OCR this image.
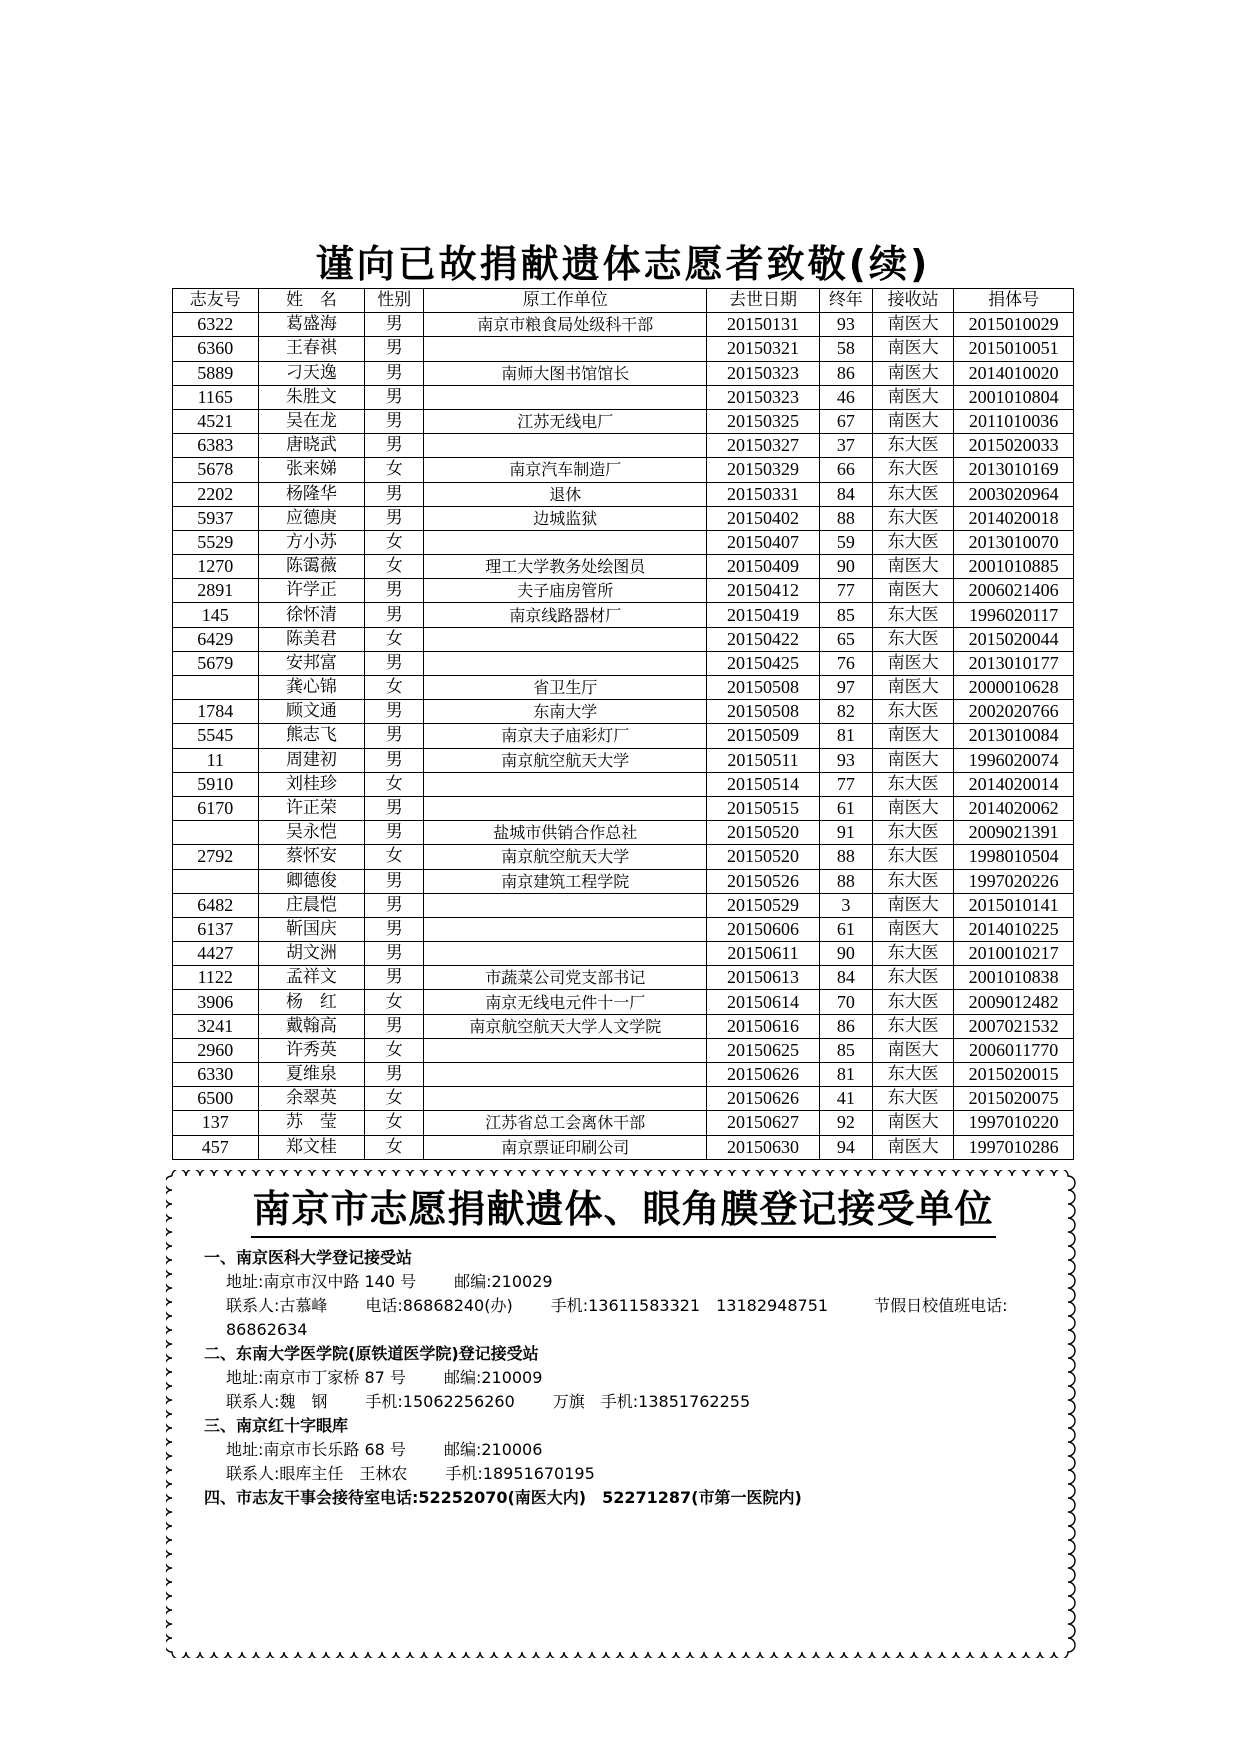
谨向已故捐献遗体志愿者致敬(续)
志友号	姓　名	性别	原工作单位	去世日期	终年	接收站	捐体号
6322	葛盛海	男	南京市粮食局处级科干部	20150131	93	南医大	2015010029
6360	王春祺	男		20150321	58	南医大	2015010051
5889	刁天逸	男	南师大图书馆馆长	20150323	86	南医大	2014010020
1165	朱胜文	男		20150323	46	南医大	2001010804
4521	吴在龙	男	江苏无线电厂	20150325	67	南医大	2011010036
6383	唐晓武	男		20150327	37	东大医	2015020033
5678	张来娣	女	南京汽车制造厂	20150329	66	东大医	2013010169
2202	杨隆华	男	退休	20150331	84	东大医	2003020964
5937	应德庚	男	边城监狱	20150402	88	东大医	2014020018
5529	方小苏	女		20150407	59	东大医	2013010070
1270	陈霭薇	女	理工大学教务处绘图员	20150409	90	南医大	2001010885
2891	许学正	男	夫子庙房管所	20150412	77	南医大	2006021406
145	徐怀清	男	南京线路器材厂	20150419	85	东大医	1996020117
6429	陈美君	女		20150422	65	东大医	2015020044
5679	安邦富	男		20150425	76	南医大	2013010177
	龚心锦	女	省卫生厅	20150508	97	南医大	2000010628
1784	顾文通	男	东南大学	20150508	82	东大医	2002020766
5545	熊志飞	男	南京夫子庙彩灯厂	20150509	81	南医大	2013010084
11	周建初	男	南京航空航天大学	20150511	93	南医大	1996020074
5910	刘桂珍	女		20150514	77	东大医	2014020014
6170	许正荣	男		20150515	61	南医大	2014020062
	吴永恺	男	盐城市供销合作总社	20150520	91	东大医	2009021391
2792	蔡怀安	女	南京航空航天大学	20150520	88	东大医	1998010504
	卿德俊	男	南京建筑工程学院	20150526	88	东大医	1997020226
6482	庄晨恺	男		20150529	3	南医大	2015010141
6137	靳国庆	男		20150606	61	南医大	2014010225
4427	胡文洲	男		20150611	90	东大医	2010010217
1122	孟祥文	男	市蔬菜公司党支部书记	20150613	84	东大医	2001010838
3906	杨　红	女	南京无线电元件十一厂	20150614	70	东大医	2009012482
3241	戴翰高	男	南京航空航天大学人文学院	20150616	86	东大医	2007021532
2960	许秀英	女		20150625	85	南医大	2006011770
6330	夏维泉	男		20150626	81	东大医	2015020015
6500	余翠英	女		20150626	41	东大医	2015020075
137	苏　莹	女	江苏省总工会离休干部	20150627	92	南医大	1997010220
457	郑文桂	女	南京票证印刷公司	20150630	94	南医大	1997010286
南京市志愿捐献遗体、眼角膜登记接受单位
一、南京医科大学登记接受站
地址:南京市汉中路 140 号 邮编:210029
联系人:古慕峰 电话:86868240(办) 手机:13611583321　13182948751	节假日校值班电话:
86862634
二、东南大学医学院(原铁道医学院)登记接受站
地址:南京市丁家桥 87 号 邮编:210009
联系人:魏　钢 手机:15062256260 万旗　手机:13851762255
三、南京红十字眼库
地址:南京市长乐路 68 号 邮编:210006
联系人:眼库主任　王林农 手机:18951670195
四、市志友干事会接待室电话:52252070(南医大内)　52271287(市第一医院内)
